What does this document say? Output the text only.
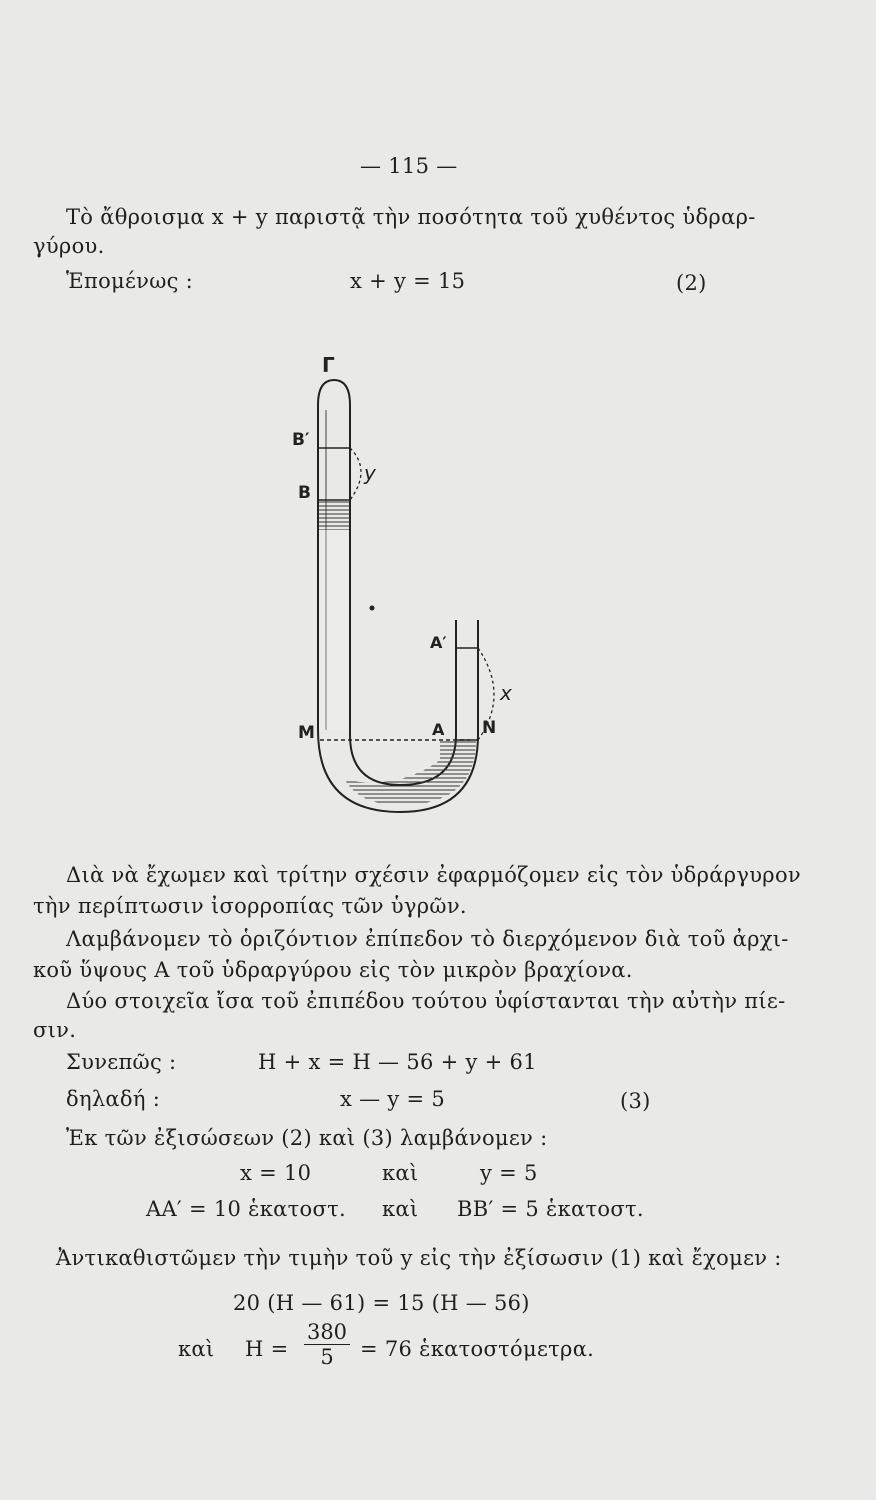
— 115 —
Τὸ ἄθροισμα x + y παριστᾷ τὴν ποσότητα τοῦ χυθέντος ὑδραρ-
γύρου.
Ἑπομένως :	x + y = 15	(2)
Γ
Β′
Β
y
Α′
x
Μ	Α Ν
Διὰ νὰ ἔχωμεν καὶ τρίτην σχέσιν ἐφαρμόζομεν εἰς τὸν ὑδράργυρον
τὴν περίπτωσιν ἰσορροπίας τῶν ὑγρῶν.
Λαμβάνομεν τὸ ὁριζόντιον ἐπίπεδον τὸ διερχόμενον διὰ τοῦ ἀρχι-
κοῦ ὕψους Α τοῦ ὑδραργύρου εἰς τὸν μικρὸν βραχίονα.
Δύο στοιχεῖα ἴσα τοῦ ἐπιπέδου τούτου ὑφίστανται τὴν αὐτὴν πίε-
σιν.
Συνεπῶς :	H + x = H — 56 + y + 61
δηλαδή :	x — y = 5	(3)
Ἐκ τῶν ἐξισώσεων (2) καὶ (3) λαμβάνομεν :
x = 10	καὶ	y = 5
ΑΑ′ = 10 ἑκατοστ. καὶ ΒΒ′ = 5 ἑκατοστ.
Ἀντικαθιστῶμεν τὴν τιμὴν τοῦ y εἰς τὴν ἐξίσωσιν (1) καὶ ἔχομεν :
20 (H — 61) = 15 (H — 56)
καὶ $H = \frac{380}{5} = 76$ ἑκατοστόμετρα.
